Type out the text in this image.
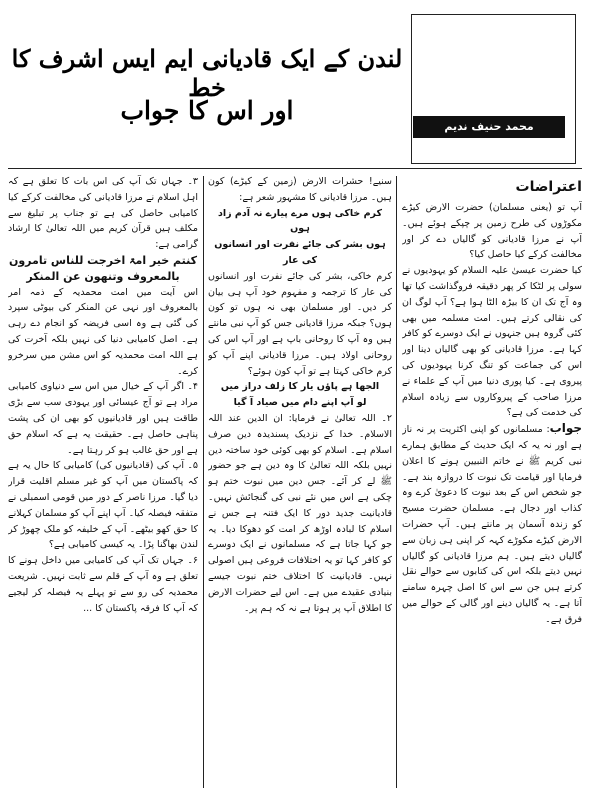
لندن کے ایک قادیانی ایم ایس اشرف کا خط
اور اس کا جواب
محمد حنیف ندیم
اعتراضات

آپ تو (یعنی مسلمان) حضرت الارض کیڑے مکوڑوں کی طرح زمین پر چپکے ہوئے ہیں۔ آپ نے مرزا قادیانی کو گالیاں دے کر اور مخالفت کرکے کیا حاصل کیا؟

کیا حضرت عیسیٰ علیہ السلام کو یہودیوں نے سولی پر لٹکا کر پھر دقیقہ فروگذاشت کیا تھا وہ آج تک ان کا بیڑہ الٹا ہوا ہے؟ آپ لوگ ان کی نقالی کرتے ہیں۔ امت مسلمہ میں بھی کئی گروہ ہیں جنہوں نے ایک دوسرے کو کافر کہا ہے۔ مرزا قادیانی کو بھی گالیاں دینا اور اس کی جماعت کو تنگ کرنا یہودیوں کی پیروی ہے۔ کیا پوری دنیا میں آپ کے علماء نے مرزا صاحب کے پیروکاروں سے زیادہ اسلام کی خدمت کی ہے؟

جواب: مسلمانوں کو اپنی اکثریت پر نہ ناز ہے اور نہ یہ کہ ایک حدیث کے مطابق ہمارے نبی کریم ﷺ نے خاتم النبیین ہونے کا اعلان فرمایا اور قیامت تک نبوت کا دروازہ بند ہے۔ جو شخص اس کے بعد نبوت کا دعویٰ کرے وہ کذاب اور دجال ہے۔ مسلمان حضرت مسیح کو زندہ آسمان پر مانتے ہیں۔ آپ حضرات الارض کیڑے مکوڑے کہہ کر اپنی ہی زبان سے گالیاں دیتے ہیں۔ ہم مرزا قادیانی کو گالیاں نہیں دیتے بلکہ اس کی کتابوں سے حوالے نقل کرتے ہیں جن سے اس کا اصل چہرہ سامنے آتا ہے۔ یہ گالیاں دینے اور گالی کے حوالے میں فرق ہے۔

سنیے! حشرات الارض (زمین کے کیڑے) کون ہیں۔ مرزا قادیانی کا مشہور شعر ہے:

کرم خاکی ہوں مرے پیارے نہ آدم زاد ہوں

ہوں بشر کی جائے نفرت اور انسانوں کی عار

کرم خاکی، بشر کی جائے نفرت اور انسانوں کی عار کا ترجمہ و مفہوم خود آپ ہی بیان کر دیں۔ اور مسلمان بھی نہ ہوں تو کون ہوں؟ جبکہ مرزا قادیانی جس کو آپ نبی مانتے ہیں وہ آپ کا روحانی باپ ہے اور آپ اس کی روحانی اولاد ہیں۔ مرزا قادیانی اپنے آپ کو کرم خاکی کہتا ہے تو آپ کون ہوئے؟

الجھا ہے پاؤں یار کا زلف دراز میں

لو آپ اپنے دام میں صیاد آ گیا

۲۔ اللہ تعالیٰ نے فرمایا: ان الدین عند اللہ الاسلام۔ خدا کے نزدیک پسندیدہ دین صرف اسلام ہے۔ اسلام کو بھی کوئی خود ساختہ دین نہیں بلکہ اللہ تعالیٰ کا وہ دین ہے جو حضور ﷺ لے کر آئے۔ جس دین میں نبوت ختم ہو چکی ہے اس میں نئے نبی کی گنجائش نہیں۔ قادیانیت جدید دور کا ایک فتنہ ہے جس نے اسلام کا لبادہ اوڑھ کر امت کو دھوکا دیا۔ یہ جو کہا جاتا ہے کہ مسلمانوں نے ایک دوسرے کو کافر کہا تو یہ اختلافات فروعی ہیں اصولی نہیں۔ قادیانیت کا اختلاف ختم نبوت جیسے بنیادی عقیدے میں ہے۔ اس لیے حضرات الارض کا اطلاق آپ پر ہوتا ہے نہ کہ ہم پر۔

۳۔ جہاں تک آپ کی اس بات کا تعلق ہے کہ اہل اسلام نے مرزا قادیانی کی مخالفت کرکے کیا کامیابی حاصل کی ہے تو جناب پر تبلیغ سے مکلف ہیں قرآن کریم میں اللہ تعالیٰ کا ارشاد گرامی ہے:

کنتم خیر امۃ اخرجت للناس تامرون بالمعروف وتنھون عن المنکر

اس آیت میں امت محمدیہ کے ذمہ امر بالمعروف اور نہی عن المنکر کی بیوٹی سپرد کی گئی ہے وہ اسی فریضہ کو انجام دے رہی ہے۔ اصل کامیابی دنیا کی نہیں بلکہ آخرت کی ہے اللہ امت محمدیہ کو اس مشن میں سرخرو کرے۔

۴۔ اگر آپ کے خیال میں اس سے دنیاوی کامیابی مراد ہے تو آج عیسائی اور یہودی سب سے بڑی طاقت ہیں اور قادیانیوں کو بھی ان کی پشت پناہی حاصل ہے۔ حقیقت یہ ہے کہ اسلام حق ہے اور حق غالب ہو کر رہتا ہے۔

۵۔ آپ کی (قادیانیوں کی) کامیابی کا حال یہ ہے کہ پاکستان میں آپ کو غیر مسلم اقلیت قرار دیا گیا۔ مرزا ناصر کے دور میں قومی اسمبلی نے متفقہ فیصلہ کیا۔ آپ اپنے آپ کو مسلمان کہلانے کا حق کھو بیٹھے۔ آپ کے خلیفہ کو ملک چھوڑ کر لندن بھاگنا پڑا۔ یہ کیسی کامیابی ہے؟

۶۔ جہاں تک آپ کی کامیابی میں داخل ہونے کا تعلق ہے وہ آپ کے قلم سے ثابت نہیں۔ شریعت محمدیہ کی رو سے تو پہلے یہ فیصلہ کر لیجیے کہ آپ کا فرقہ پاکستان کا ...
